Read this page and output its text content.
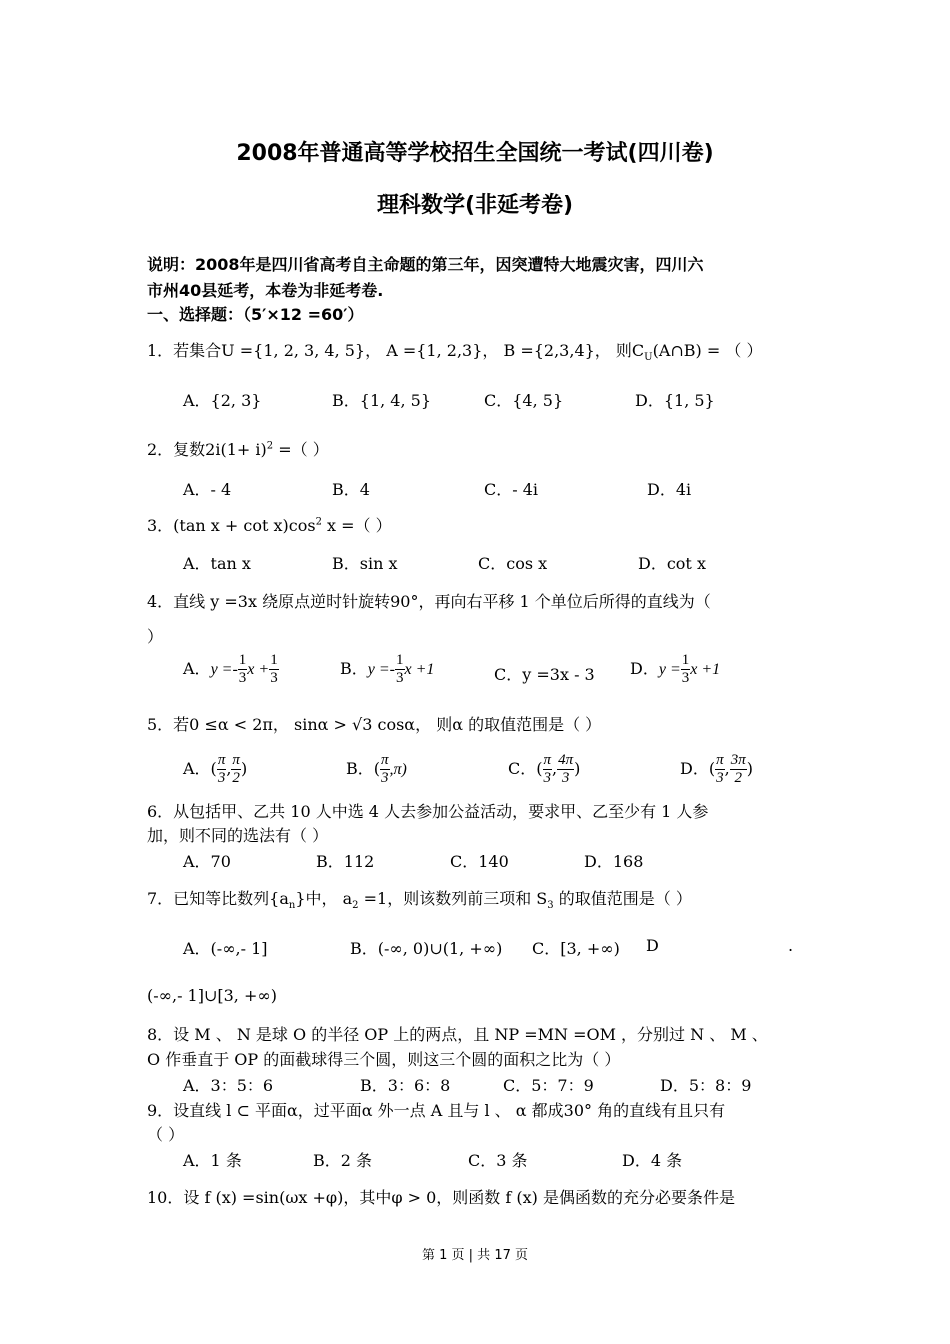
2008年普通高等学校招生全国统一考试(四川卷)
理科数学(非延考卷)
说明：2008年是四川省高考自主命题的第三年，因突遭特大地震灾害，四川六
市州40县延考，本卷为非延考卷.
一、选择题：（5′×12 =60′）
1．若集合U ={1, 2, 3, 4, 5}， A ={1, 2,3}， B ={2,3,4}， 则$C_U(A\cap B)$ = （ ）
A．{2, 3}	B．{1, 4, 5}	C．{4, 5}	D．{1, 5}
2．复数$2i(1+ i)^2$ =（ ）
A．- 4	B．4	C．- 4i	D．4i
3．(tan $x + \cot x)\cos^2$ x =（ ）
A．tan x	B．sin x	C．cos x	D．cot x
4．直线 y =3x 绕原点逆时针旋转90°，再向右平移 1 个单位后所得的直线为（
）
A．$y =- \frac{1}{3}$ $x + \frac{1}{3}$	B．$y =- \frac{1}{3}$ x +1	C．y =3x - 3 D．$y = \frac{1}{3}$ x +1
5．若0 ≤α < 2π， sinα > √3 cosα， 则α 的取值范围是（ ）
A．( $\frac{\pi}{3}$ , $\frac{\pi}{2}$ )	B．( $\frac{\pi}{3} ,\pi$)	C．( $\frac{\pi}{3}$ , $\frac{4\pi}{3}$ )	D．( $\frac{\pi}{3}$ , $\frac{3\pi}{2}$ )
6．从包括甲、乙共 10 人中选 4 人去参加公益活动，要求甲、乙至少有 1 人参
加，则不同的选法有（ ）
A．70	B．112	C．140	D．168
7．已知等比数列$\{a_n\}$中， $a_2 =1$，则该数列前三项和 $S_3$ 的取值范围是（ ）
A．(-∞,- 1]	B．(-∞, 0)∪(1, +∞) C．[3, +∞) D	.
(-∞,- 1]∪[3, +∞)
8．设 M 、 N 是球 O 的半径 OP 上的两点，且 NP =MN =OM ，分别过 N 、 M 、
O 作垂直于 OP 的面截球得三个圆，则这三个圆的面积之比为（ ）
A．3：5：6	B．3：6：8	C．5：7：9	D．5：8：9
9．设直线 l ⊂ 平面α，过平面α 外一点 A 且与 l 、 α 都成30° 角的直线有且只有
（ ）
A．1 条	B．2 条	C．3 条	D．4 条
10．设 f (x) =sin(ωx +φ)，其中φ > 0，则函数 f (x) 是偶函数的充分必要条件是
第 1 页 | 共 17 页
